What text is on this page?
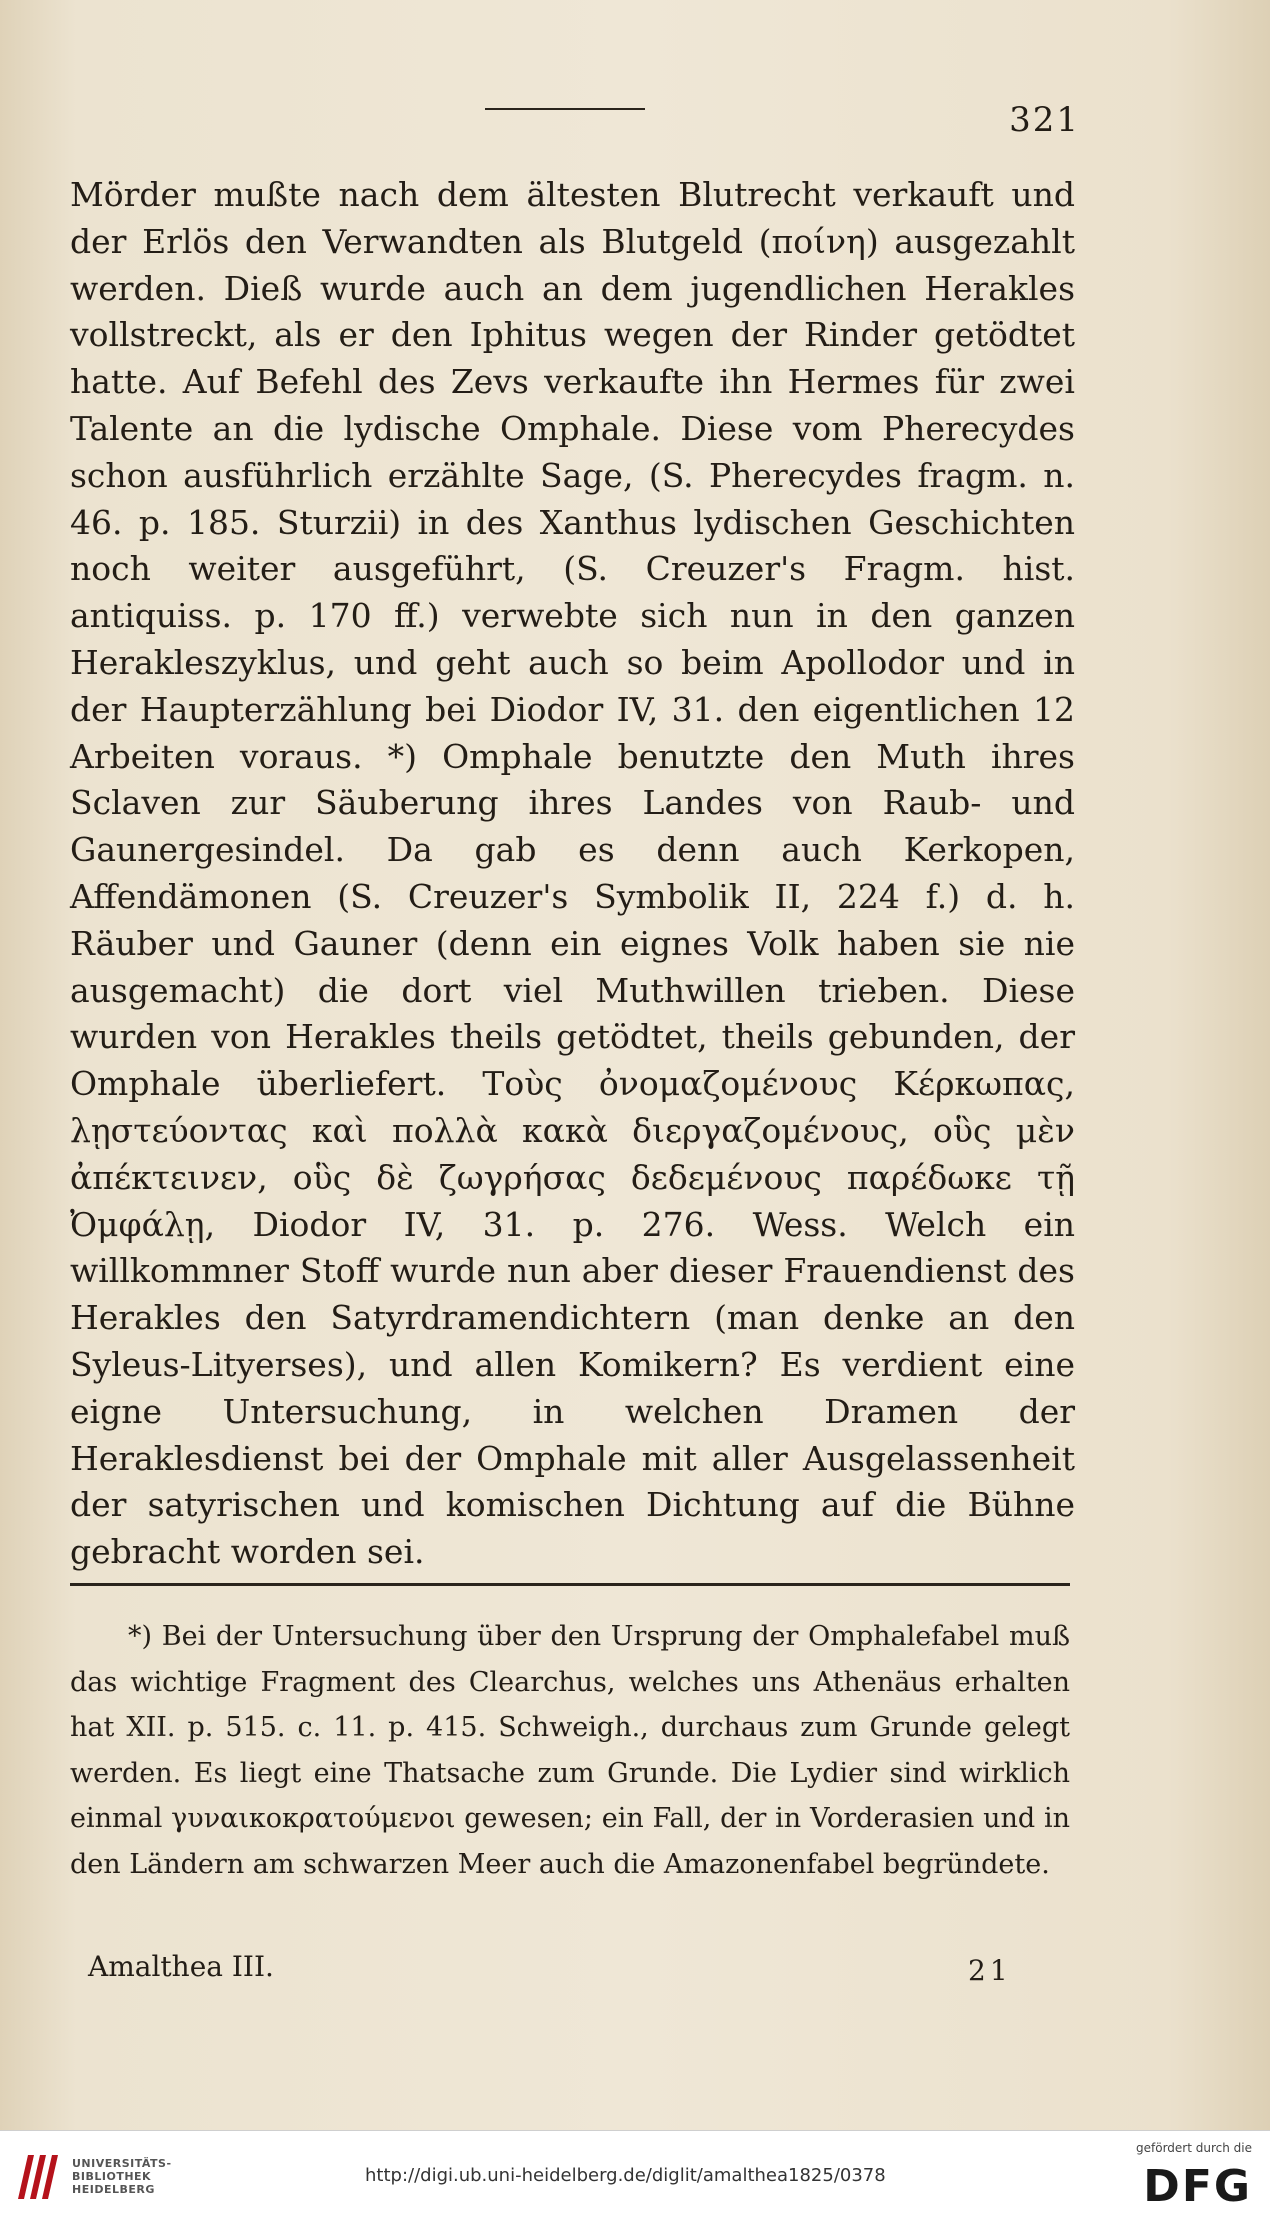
321

Mörder mußte nach dem ältesten Blutrecht verkauft und der Erlös den Verwandten als Blutgeld (ποίνη) ausgezahlt werden. Dieß wurde auch an dem jugendlichen Herakles vollstreckt, als er den Iphitus wegen der Rinder getödtet hatte. Auf Befehl des Zevs verkaufte ihn Hermes für zwei Talente an die lydische Omphale. Diese vom Pherecydes schon ausführlich erzählte Sage, (S. Pherecydes fragm. n. 46. p. 185. Sturzii) in des Xanthus lydischen Geschichten noch weiter ausgeführt, (S. Creuzer's Fragm. hist. antiquiss. p. 170 ff.) verwebte sich nun in den ganzen Herakleszyklus, und geht auch so beim Apollodor und in der Haupterzählung bei Diodor IV, 31. den eigentlichen 12 Arbeiten voraus. *) Omphale benutzte den Muth ihres Sclaven zur Säuberung ihres Landes von Raub- und Gaunergesindel. Da gab es denn auch Kerkopen, Affendämonen (S. Creuzer's Symbolik II, 224 f.) d. h. Räuber und Gauner (denn ein eignes Volk haben sie nie ausgemacht) die dort viel Muthwillen trieben. Diese wurden von Herakles theils getödtet, theils gebunden, der Omphale überliefert. Τοὺς ὀνομαζομένους Κέρκωπας, λῃστεύοντας καὶ πολλὰ κακὰ διεργαζομένους, οὓς μὲν ἀπέκτεινεν, οὓς δὲ ζωγρήσας δεδεμένους παρέδωκε τῇ Ὀμφάλῃ, Diodor IV, 31. p. 276. Wess. Welch ein willkommner Stoff wurde nun aber dieser Frauendienst des Herakles den Satyrdramendichtern (man denke an den Syleus-Lityerses), und allen Komikern? Es verdient eine eigne Untersuchung, in welchen Dramen der Heraklesdienst bei der Omphale mit aller Ausgelassenheit der satyrischen und komischen Dichtung auf die Bühne gebracht worden sei.

*) Bei der Untersuchung über den Ursprung der Omphalefabel muß das wichtige Fragment des Clearchus, welches uns Athenäus erhalten hat XII. p. 515. c. 11. p. 415. Schweigh., durchaus zum Grunde gelegt werden. Es liegt eine Thatsache zum Grunde. Die Lydier sind wirklich einmal γυναικοκρατούμενοι gewesen; ein Fall, der in Vorderasien und in den Ländern am schwarzen Meer auch die Amazonenfabel begründete.

Amalthea III.	21
UNIVERSITÄTS-
BIBLIOTHEK
HEIDELBERG
http://digi.ub.uni-heidelberg.de/diglit/amalthea1825/0378
gefördert durch die
DFG
